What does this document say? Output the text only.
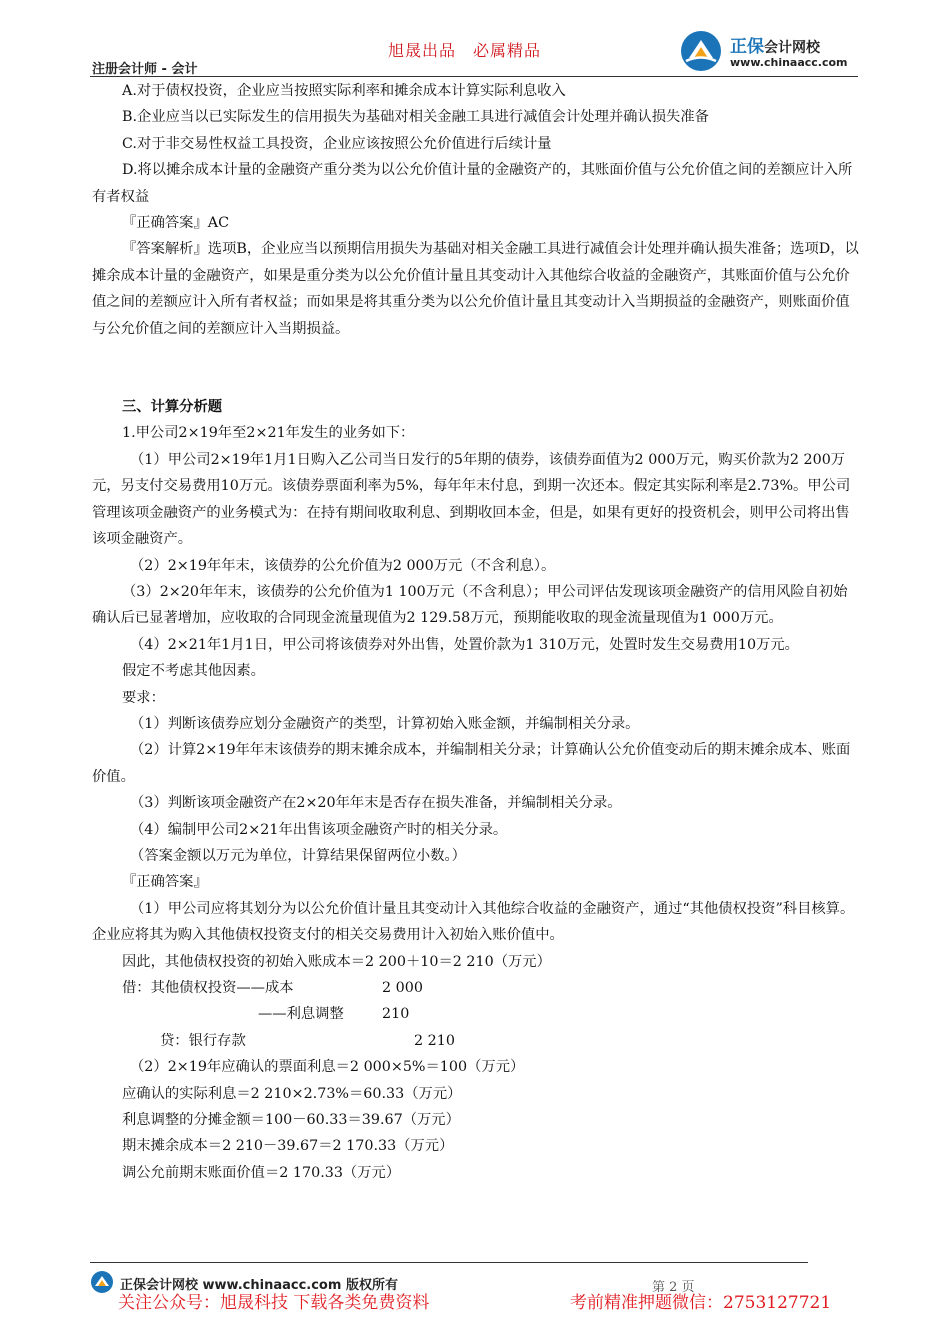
注册会计师 - 会计
旭晟出品　必属精品	正保会计网校
www.chinaacc.com

A.对于债权投资，企业应当按照实际利率和摊余成本计算实际利息收入

B.企业应当以已实际发生的信用损失为基础对相关金融工具进行减值会计处理并确认损失准备

C.对于非交易性权益工具投资，企业应该按照公允价值进行后续计量

D.将以摊余成本计量的金融资产重分类为以公允价值计量的金融资产的，其账面价值与公允价值之间的差额应计入所有者权益

『正确答案』AC

『答案解析』选项B，企业应当以预期信用损失为基础对相关金融工具进行减值会计处理并确认损失准备；选项D，以摊余成本计量的金融资产，如果是重分类为以公允价值计量且其变动计入其他综合收益的金融资产，其账面价值与公允价值之间的差额应计入所有者权益；而如果是将其重分类为以公允价值计量且其变动计入当期损益的金融资产，则账面价值与公允价值之间的差额应计入当期损益。

三、计算分析题

1.甲公司2×19年至2×21年发生的业务如下：

（1）甲公司2×19年1月1日购入乙公司当日发行的5年期的债券，该债券面值为2 000万元，购买价款为2 200万元，另支付交易费用10万元。该债券票面利率为5%，每年年末付息，到期一次还本。假定其实际利率是2.73%。甲公司管理该项金融资产的业务模式为：在持有期间收取利息、到期收回本金，但是，如果有更好的投资机会，则甲公司将出售该项金融资产。

（2）2×19年年末，该债券的公允价值为2 000万元（不含利息）。

（3）2×20年年末，该债券的公允价值为1 100万元（不含利息）；甲公司评估发现该项金融资产的信用风险自初始确认后已显著增加，应收取的合同现金流量现值为2 129.58万元，预期能收取的现金流量现值为1 000万元。

（4）2×21年1月1日，甲公司将该债券对外出售，处置价款为1 310万元，处置时发生交易费用10万元。

假定不考虑其他因素。

要求：

（1）判断该债券应划分金融资产的类型，计算初始入账金额，并编制相关分录。

（2）计算2×19年年末该债券的期末摊余成本，并编制相关分录；计算确认公允价值变动后的期末摊余成本、账面价值。

（3）判断该项金融资产在2×20年年末是否存在损失准备，并编制相关分录。

（4）编制甲公司2×21年出售该项金融资产时的相关分录。

（答案金额以万元为单位，计算结果保留两位小数。）

『正确答案』

（1）甲公司应将其划分为以公允价值计量且其变动计入其他综合收益的金融资产，通过“其他债权投资”科目核算。企业应将其为购入其他债权投资支付的相关交易费用计入初始入账价值中。

因此，其他债权投资的初始入账成本＝2 200＋10＝2 210（万元）

借：其他债权投资——成本	2 000
——利息调整	210
贷：银行存款	2 210

（2）2×19年应确认的票面利息＝2 000×5%＝100（万元）

应确认的实际利息＝2 210×2.73%＝60.33（万元）

利息调整的分摊金额＝100－60.33＝39.67（万元）

期末摊余成本＝2 210－39.67＝2 170.33（万元）

调公允前期末账面价值＝2 170.33（万元）

正保会计网校 www.chinaacc.com 版权所有	第 2 页
关注公众号：旭晟科技 下载各类免费资料	考前精准押题微信：2753127721
